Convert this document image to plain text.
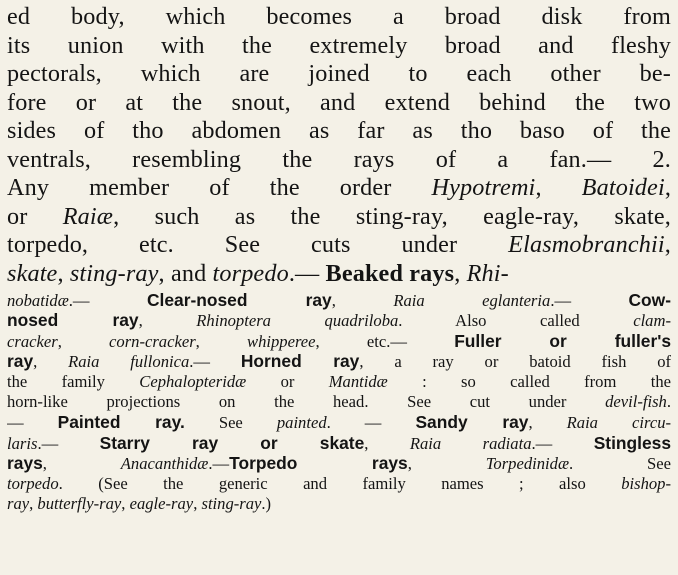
ed body, which becomes a broad disk from
its union with the extremely broad and fleshy
pectorals, which are joined to each other be-
fore or at the snout, and extend behind the two
sides of tho abdomen as far as tho baso of the
ventrals, resembling the rays of a fan.— 2.
Any member of the order Hypotremi, Batoidei,
or Raiæ, such as the sting-ray, eagle-ray, skate,
torpedo, etc. See cuts under Elasmobranchii,
skate, sting-ray, and torpedo.— Beaked rays, Rhi-
nobatidæ.— Clear-nosed ray, Raia eglanteria.— Cow-
nosed ray, Rhinoptera quadriloba. Also called clam-
cracker, corn-cracker, whipperee, etc.— Fuller or fuller's
ray, Raia fullonica.— Horned ray, a ray or batoid fish of
the family Cephalopteridæ or Mantidæ : so called from the
horn-like projections on the head. See cut under devil-fish.
— Painted ray. See painted. — Sandy ray, Raia circu-
laris.— Starry ray or skate, Raia radiata.— Stingless
rays, Anacanthidæ.—Torpedo rays, Torpedinidæ. See
torpedo. (See the generic and family names ; also bishop-
ray, butterfly-ray, eagle-ray, sting-ray.)
